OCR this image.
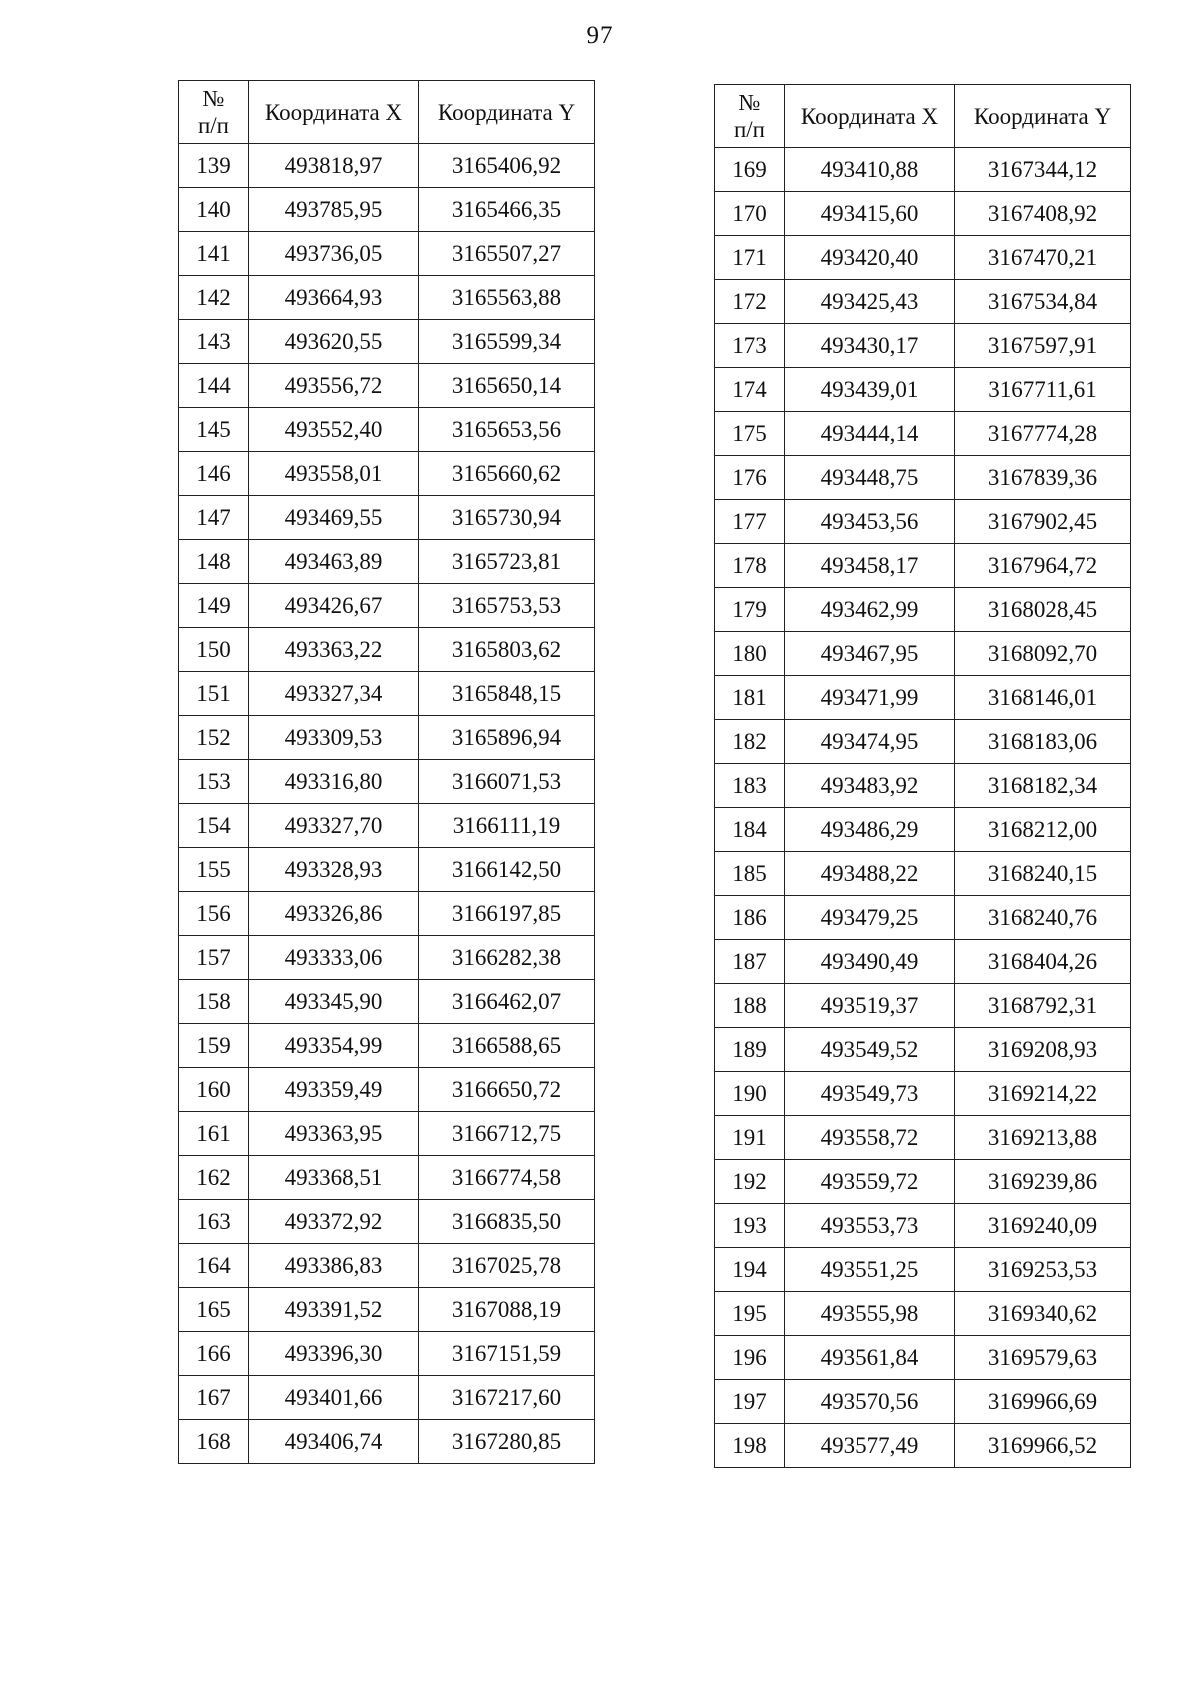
97
№
п/п	Координата X	Координата Y
139	493818,97	3165406,92
140	493785,95	3165466,35
141	493736,05	3165507,27
142	493664,93	3165563,88
143	493620,55	3165599,34
144	493556,72	3165650,14
145	493552,40	3165653,56
146	493558,01	3165660,62
147	493469,55	3165730,94
148	493463,89	3165723,81
149	493426,67	3165753,53
150	493363,22	3165803,62
151	493327,34	3165848,15
152	493309,53	3165896,94
153	493316,80	3166071,53
154	493327,70	3166111,19
155	493328,93	3166142,50
156	493326,86	3166197,85
157	493333,06	3166282,38
158	493345,90	3166462,07
159	493354,99	3166588,65
160	493359,49	3166650,72
161	493363,95	3166712,75
162	493368,51	3166774,58
163	493372,92	3166835,50
164	493386,83	3167025,78
165	493391,52	3167088,19
166	493396,30	3167151,59
167	493401,66	3167217,60
168	493406,74	3167280,85
№
п/п	Координата X	Координата Y
169	493410,88	3167344,12
170	493415,60	3167408,92
171	493420,40	3167470,21
172	493425,43	3167534,84
173	493430,17	3167597,91
174	493439,01	3167711,61
175	493444,14	3167774,28
176	493448,75	3167839,36
177	493453,56	3167902,45
178	493458,17	3167964,72
179	493462,99	3168028,45
180	493467,95	3168092,70
181	493471,99	3168146,01
182	493474,95	3168183,06
183	493483,92	3168182,34
184	493486,29	3168212,00
185	493488,22	3168240,15
186	493479,25	3168240,76
187	493490,49	3168404,26
188	493519,37	3168792,31
189	493549,52	3169208,93
190	493549,73	3169214,22
191	493558,72	3169213,88
192	493559,72	3169239,86
193	493553,73	3169240,09
194	493551,25	3169253,53
195	493555,98	3169340,62
196	493561,84	3169579,63
197	493570,56	3169966,69
198	493577,49	3169966,52
